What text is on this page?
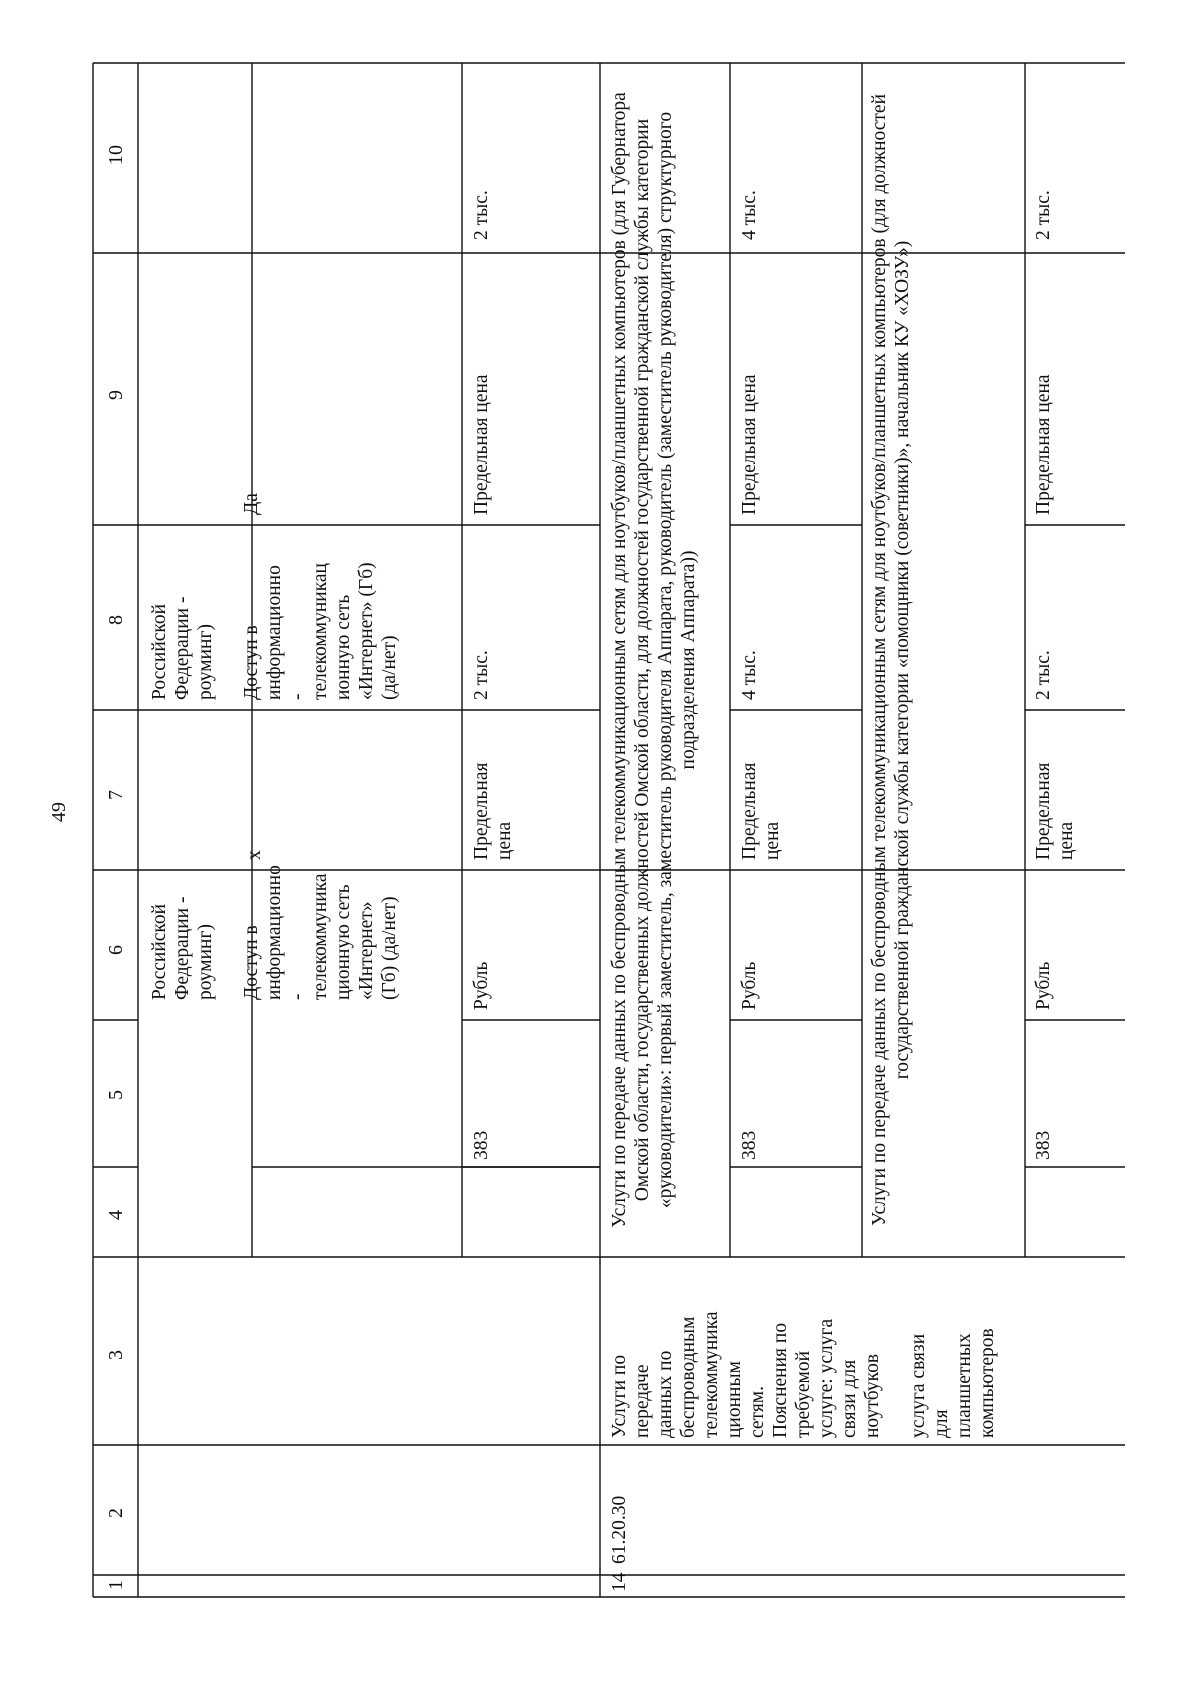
49
1
2
3
4
5
6
7
8
9
10
Российской
Федерации -
роуминг)
Российской
Федерации -
роуминг)
Доступ в
информационно
-
телекоммуника
ционную сеть
«Интернет»
(Гб) (да/нет)
x
Доступ в
информационно
-
телекоммуникац
ионную сеть
«Интернет» (Гб)
(да/нет)
Да
383
Рубль
Предельная
цена
2 тыс.
Предельная цена
2 тыс.
14
61.20.30
Услуги по
передаче
данных по
беспроводным
телекоммуника
ционным
сетям.
Пояснения по
требуемой
услуге: услуга
связи для
ноутбуков

услуга связи
для
планшетных
компьютеров
Услуги по передаче данных по беспроводным телекоммуникационным сетям для ноутбуков/планшетных компьютеров (для Губернатора Омской области, государственных должностей Омской области, для должностей государственной гражданской службы категории «руководители»: первый заместитель, заместитель руководителя Аппарата, руководитель (заместитель руководителя) структурного подразделения Аппарата))
383
Рубль
Предельная
цена
4 тыс.
Предельная цена
4 тыс.	Услуги по передаче данных по беспроводным телекоммуникационным сетям для ноутбуков/планшетных компьютеров (для должностей государственной гражданской службы категории «помощники (советники)», начальник КУ «ХОЗУ»)
383
Рубль
Предельная
цена
2 тыс.
Предельная цена
2 тыс.
